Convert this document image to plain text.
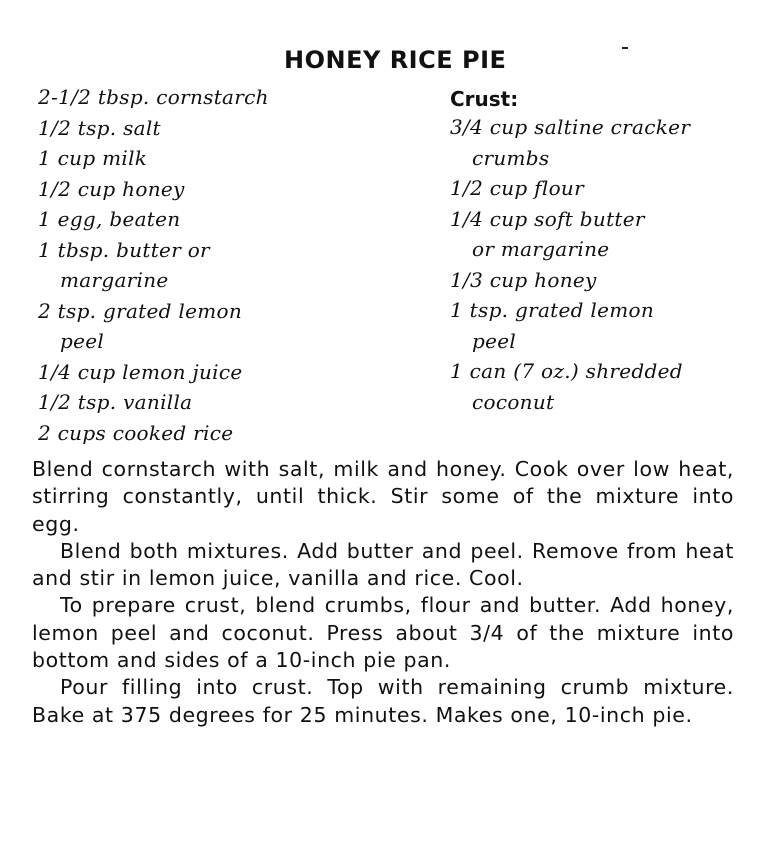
HONEY RICE PIE
2-1/2 tbsp. cornstarch
1/2 tsp. salt
1 cup milk
1/2 cup honey
1 egg, beaten
1 tbsp. butter or
margarine
2 tsp. grated lemon
peel
1/4 cup lemon juice
1/2 tsp. vanilla
2 cups cooked rice
Crust:
3/4 cup saltine cracker
crumbs
1/2 cup flour
1/4 cup soft butter
or margarine
1/3 cup honey
1 tsp. grated lemon
peel
1 can (7 oz.) shredded
coconut

Blend cornstarch with salt, milk and honey. Cook over low heat, stirring constantly, until thick. Stir some of the mixture into egg.

Blend both mixtures. Add butter and peel. Remove from heat and stir in lemon juice, vanilla and rice. Cool.

To prepare crust, blend crumbs, flour and butter. Add honey, lemon peel and coconut. Press about 3/4 of the mixture into bottom and sides of a 10-inch pie pan.

Pour filling into crust. Top with remaining crumb mixture. Bake at 375 degrees for 25 minutes. Makes one, 10-inch pie.
